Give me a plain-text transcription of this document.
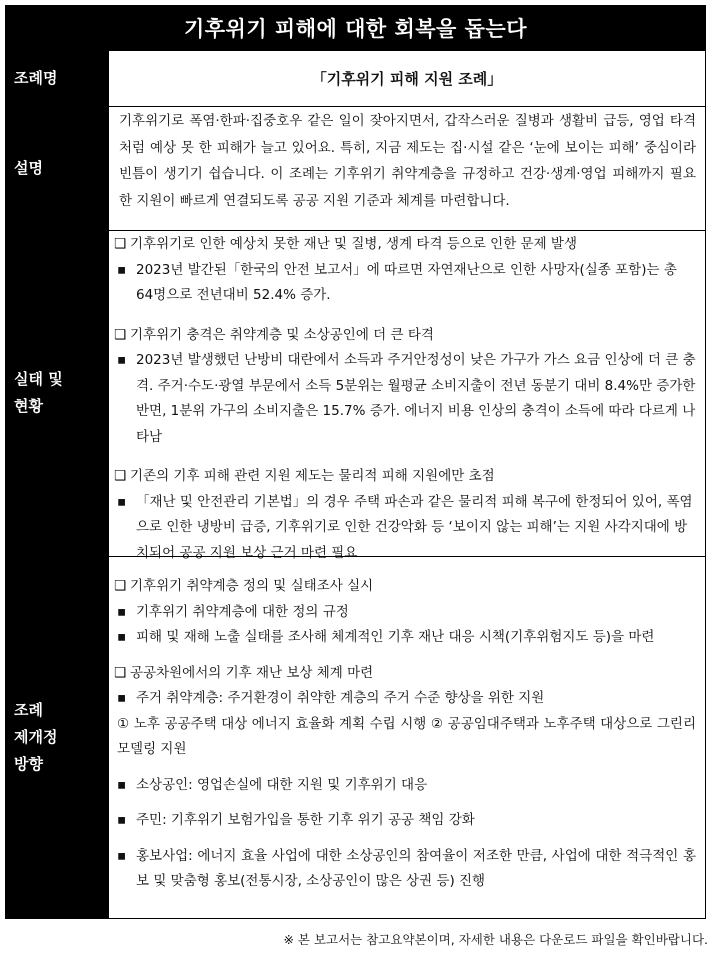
기후위기 피해에 대한 회복을 돕는다
조례명	「기후위기 피해 지원 조례」
설명
기후위기로 폭염·한파·집중호우 같은 일이 잦아지면서, 갑작스러운 질병과 생활비 급등, 영업 타격처럼 예상 못 한 피해가 늘고 있어요. 특히, 지금 제도는 집·시설 같은 ‘눈에 보이는 피해’ 중심이라 빈틈이 생기기 쉽습니다. 이 조례는 기후위기 취약계층을 규정하고 건강·생계·영업 피해까지 필요한 지원이 빠르게 연결되도록 공공 지원 기준과 체계를 마련합니다.
실태 및
현황
❑ 기후위기로 인한 예상치 못한 재난 및 질병, 생계 타격 등으로 인한 문제 발생
▪ 2023년 발간된「한국의 안전 보고서」에 따르면 자연재난으로 인한 사망자(실종 포함)는 총 64명으로 전년대비 52.4% 증가.
❑ 기후위기 충격은 취약계층 및 소상공인에 더 큰 타격
▪ 2023년 발생했던 난방비 대란에서 소득과 주거안정성이 낮은 가구가 가스 요금 인상에 더 큰 충격. 주거·수도·광열 부문에서 소득 5분위는 월평균 소비지출이 전년 동분기 대비 8.4%만 증가한 반면, 1분위 가구의 소비지출은 15.7% 증가. 에너지 비용 인상의 충격이 소득에 따라 다르게 나타남
❑ 기존의 기후 피해 관련 지원 제도는 물리적 피해 지원에만 초점
▪ 「재난 및 안전관리 기본법」의 경우 주택 파손과 같은 물리적 피해 복구에 한정되어 있어, 폭염으로 인한 냉방비 급증, 기후위기로 인한 건강악화 등 ‘보이지 않는 피해’는 지원 사각지대에 방치되어 공공 지원 보상 근거 마련 필요
조례
제개정
방향
❑ 기후위기 취약계층 정의 및 실태조사 실시
▪ 기후위기 취약계층에 대한 정의 규정
▪ 피해 및 재해 노출 실태를 조사해 체계적인 기후 재난 대응 시책(기후위험지도 등)을 마련
❑ 공공차원에서의 기후 재난 보상 체계 마련
▪ 주거 취약계층: 주거환경이 취약한 계층의 주거 수준 향상을 위한 지원
① 노후 공공주택 대상 에너지 효율화 계획 수립 시행 ② 공공임대주택과 노후주택 대상으로 그린리모델링 지원
▪ 소상공인: 영업손실에 대한 지원 및 기후위기 대응
▪ 주민: 기후위기 보험가입을 통한 기후 위기 공공 책임 강화
▪ 홍보사업: 에너지 효율 사업에 대한 소상공인의 참여율이 저조한 만큼, 사업에 대한 적극적인 홍보 및 맞춤형 홍보(전통시장, 소상공인이 많은 상권 등) 진행
※ 본 보고서는 참고요약본이며, 자세한 내용은 다운로드 파일을 확인바랍니다.
